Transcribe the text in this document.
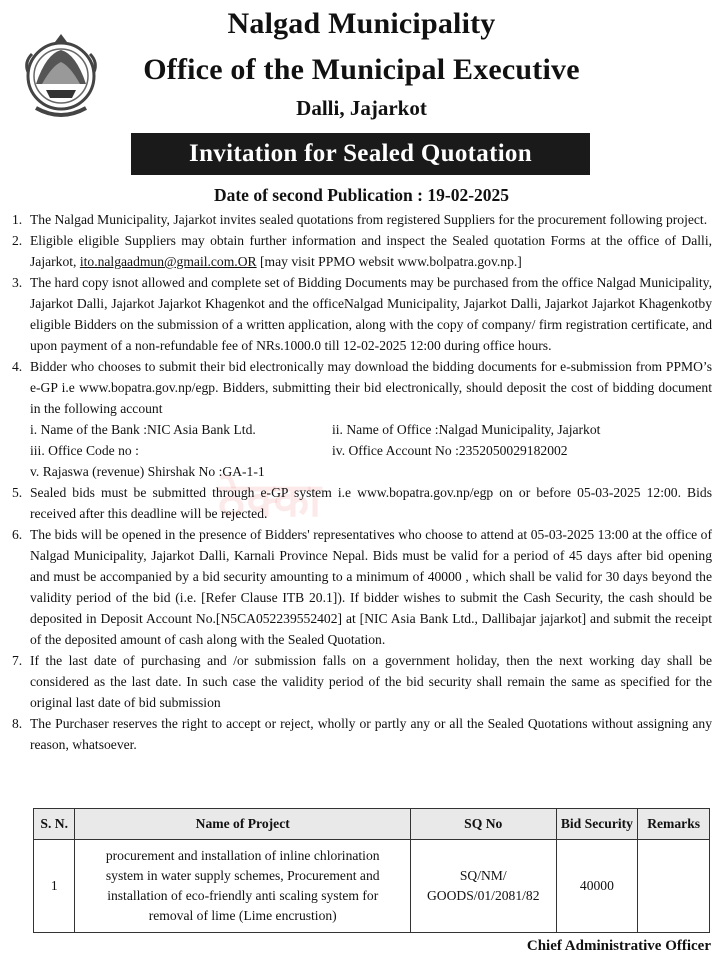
Nalgad Municipality
Office of the Municipal Executive
Dalli, Jajarkot
Invitation for Sealed Quotation
Date of second Publication : 19-02-2025
ठेक्का
1. The Nalgad Municipality, Jajarkot invites sealed quotations from registered Suppliers for the procurement following project.
2. Eligible eligible Suppliers may obtain further information and inspect the Sealed quotation Forms at the office of Dalli, Jajarkot, ito.nalgaadmun@gmail.com.OR [may visit PPMO websit www.bolpatra.gov.np.]
3. The hard copy isnot allowed and complete set of Bidding Documents may be purchased from the office Nalgad Municipality, Jajarkot Dalli, Jajarkot Jajarkot Khagenkot and the officeNalgad Municipality, Jajarkot Dalli, Jajarkot Jajarkot Khagenkotby eligible Bidders on the submission of a written application, along with the copy of company/ firm registration certificate, and upon payment of a non-refundable fee of NRs.1000.0 till 12-02-2025 12:00 during office hours.
4. Bidder who chooses to submit their bid electronically may download the bidding documents for e-submission from PPMO’s e-GP i.e www.bopatra.gov.np/egp. Bidders, submitting their bid electronically, should deposit the cost of bidding document in the following account
i. Name of the Bank :NIC Asia Bank Ltd.	ii. Name of Office :Nalgad Municipality, Jajarkot
iii. Office Code no :	iv. Office Account No :2352050029182002
v. Rajaswa (revenue) Shirshak No :GA-1-1
5. Sealed bids must be submitted through e-GP system i.e www.bopatra.gov.np/egp on or before 05-03-2025 12:00. Bids received after this deadline will be rejected.
6. The bids will be opened in the presence of Bidders' representatives who choose to attend at 05-03-2025 13:00 at the office of Nalgad Municipality, Jajarkot Dalli, Karnali Province Nepal. Bids must be valid for a period of 45 days after bid opening and must be accompanied by a bid security amounting to a minimum of 40000 , which shall be valid for 30 days beyond the validity period of the bid (i.e. [Refer Clause ITB 20.1]). If bidder wishes to submit the Cash Security, the cash should be deposited in Deposit Account No.[N5CA052239552402] at [NIC Asia Bank Ltd., Dallibajar jajarkot] and submit the receipt of the deposited amount of cash along with the Sealed Quotation.
7. If the last date of purchasing and /or submission falls on a government holiday, then the next working day shall be considered as the last date. In such case the validity period of the bid security shall remain the same as specified for the original last date of bid submission
8. The Purchaser reserves the right to accept or reject, wholly or partly any or all the Sealed Quotations without assigning any reason, whatsoever.
S. N.	Name of Project	SQ No	Bid Security	Remarks
1	procurement and installation of inline chlorination system in water supply schemes, Procurement and installation of eco-friendly anti scaling system for removal of lime (Lime encrustion)	SQ/NM/ GOODS/01/2081/82	40000	
Chief Administrative Officer
